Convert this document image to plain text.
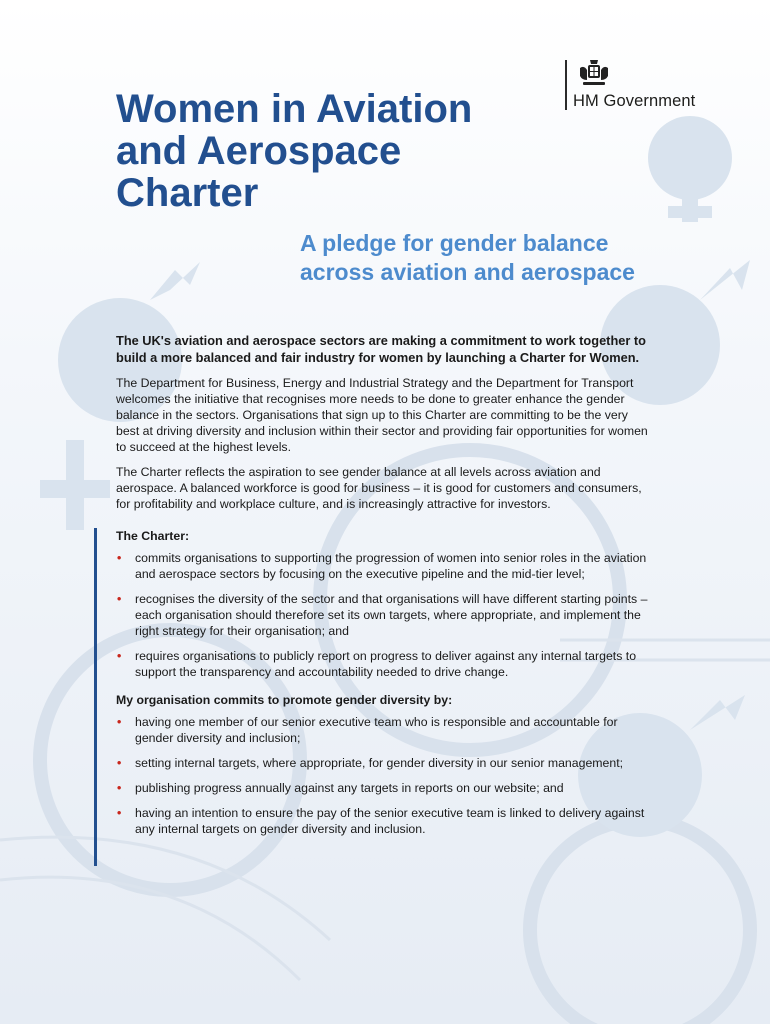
HM Government
Women in Aviation and Aerospace Charter
A pledge for gender balance across aviation and aerospace

The UK's aviation and aerospace sectors are making a commitment to work together to build a more balanced and fair industry for women by launching a Charter for Women.

The Department for Business, Energy and Industrial Strategy and the Department for Transport welcomes the initiative that recognises more needs to be done to greater enhance the gender balance in the sectors. Organisations that sign up to this Charter are committing to be the very best at driving diversity and inclusion within their sector and providing fair opportunities for women to succeed at the highest levels.

The Charter reflects the aspiration to see gender balance at all levels across aviation and aerospace. A balanced workforce is good for business – it is good for customers and consumers, for profitability and workplace culture, and is increasingly attractive for investors.

The Charter:
• commits organisations to supporting the progression of women into senior roles in the aviation and aerospace sectors by focusing on the executive pipeline and the mid-tier level;
• recognises the diversity of the sector and that organisations will have different starting points – each organisation should therefore set its own targets, where appropriate, and implement the right strategy for their organisation; and
• requires organisations to publicly report on progress to deliver against any internal targets to support the transparency and accountability needed to drive change.
My organisation commits to promote gender diversity by:
• having one member of our senior executive team who is responsible and accountable for gender diversity and inclusion;
• setting internal targets, where appropriate, for gender diversity in our senior management;
• publishing progress annually against any targets in reports on our website; and
• having an intention to ensure the pay of the senior executive team is linked to delivery against any internal targets on gender diversity and inclusion.
